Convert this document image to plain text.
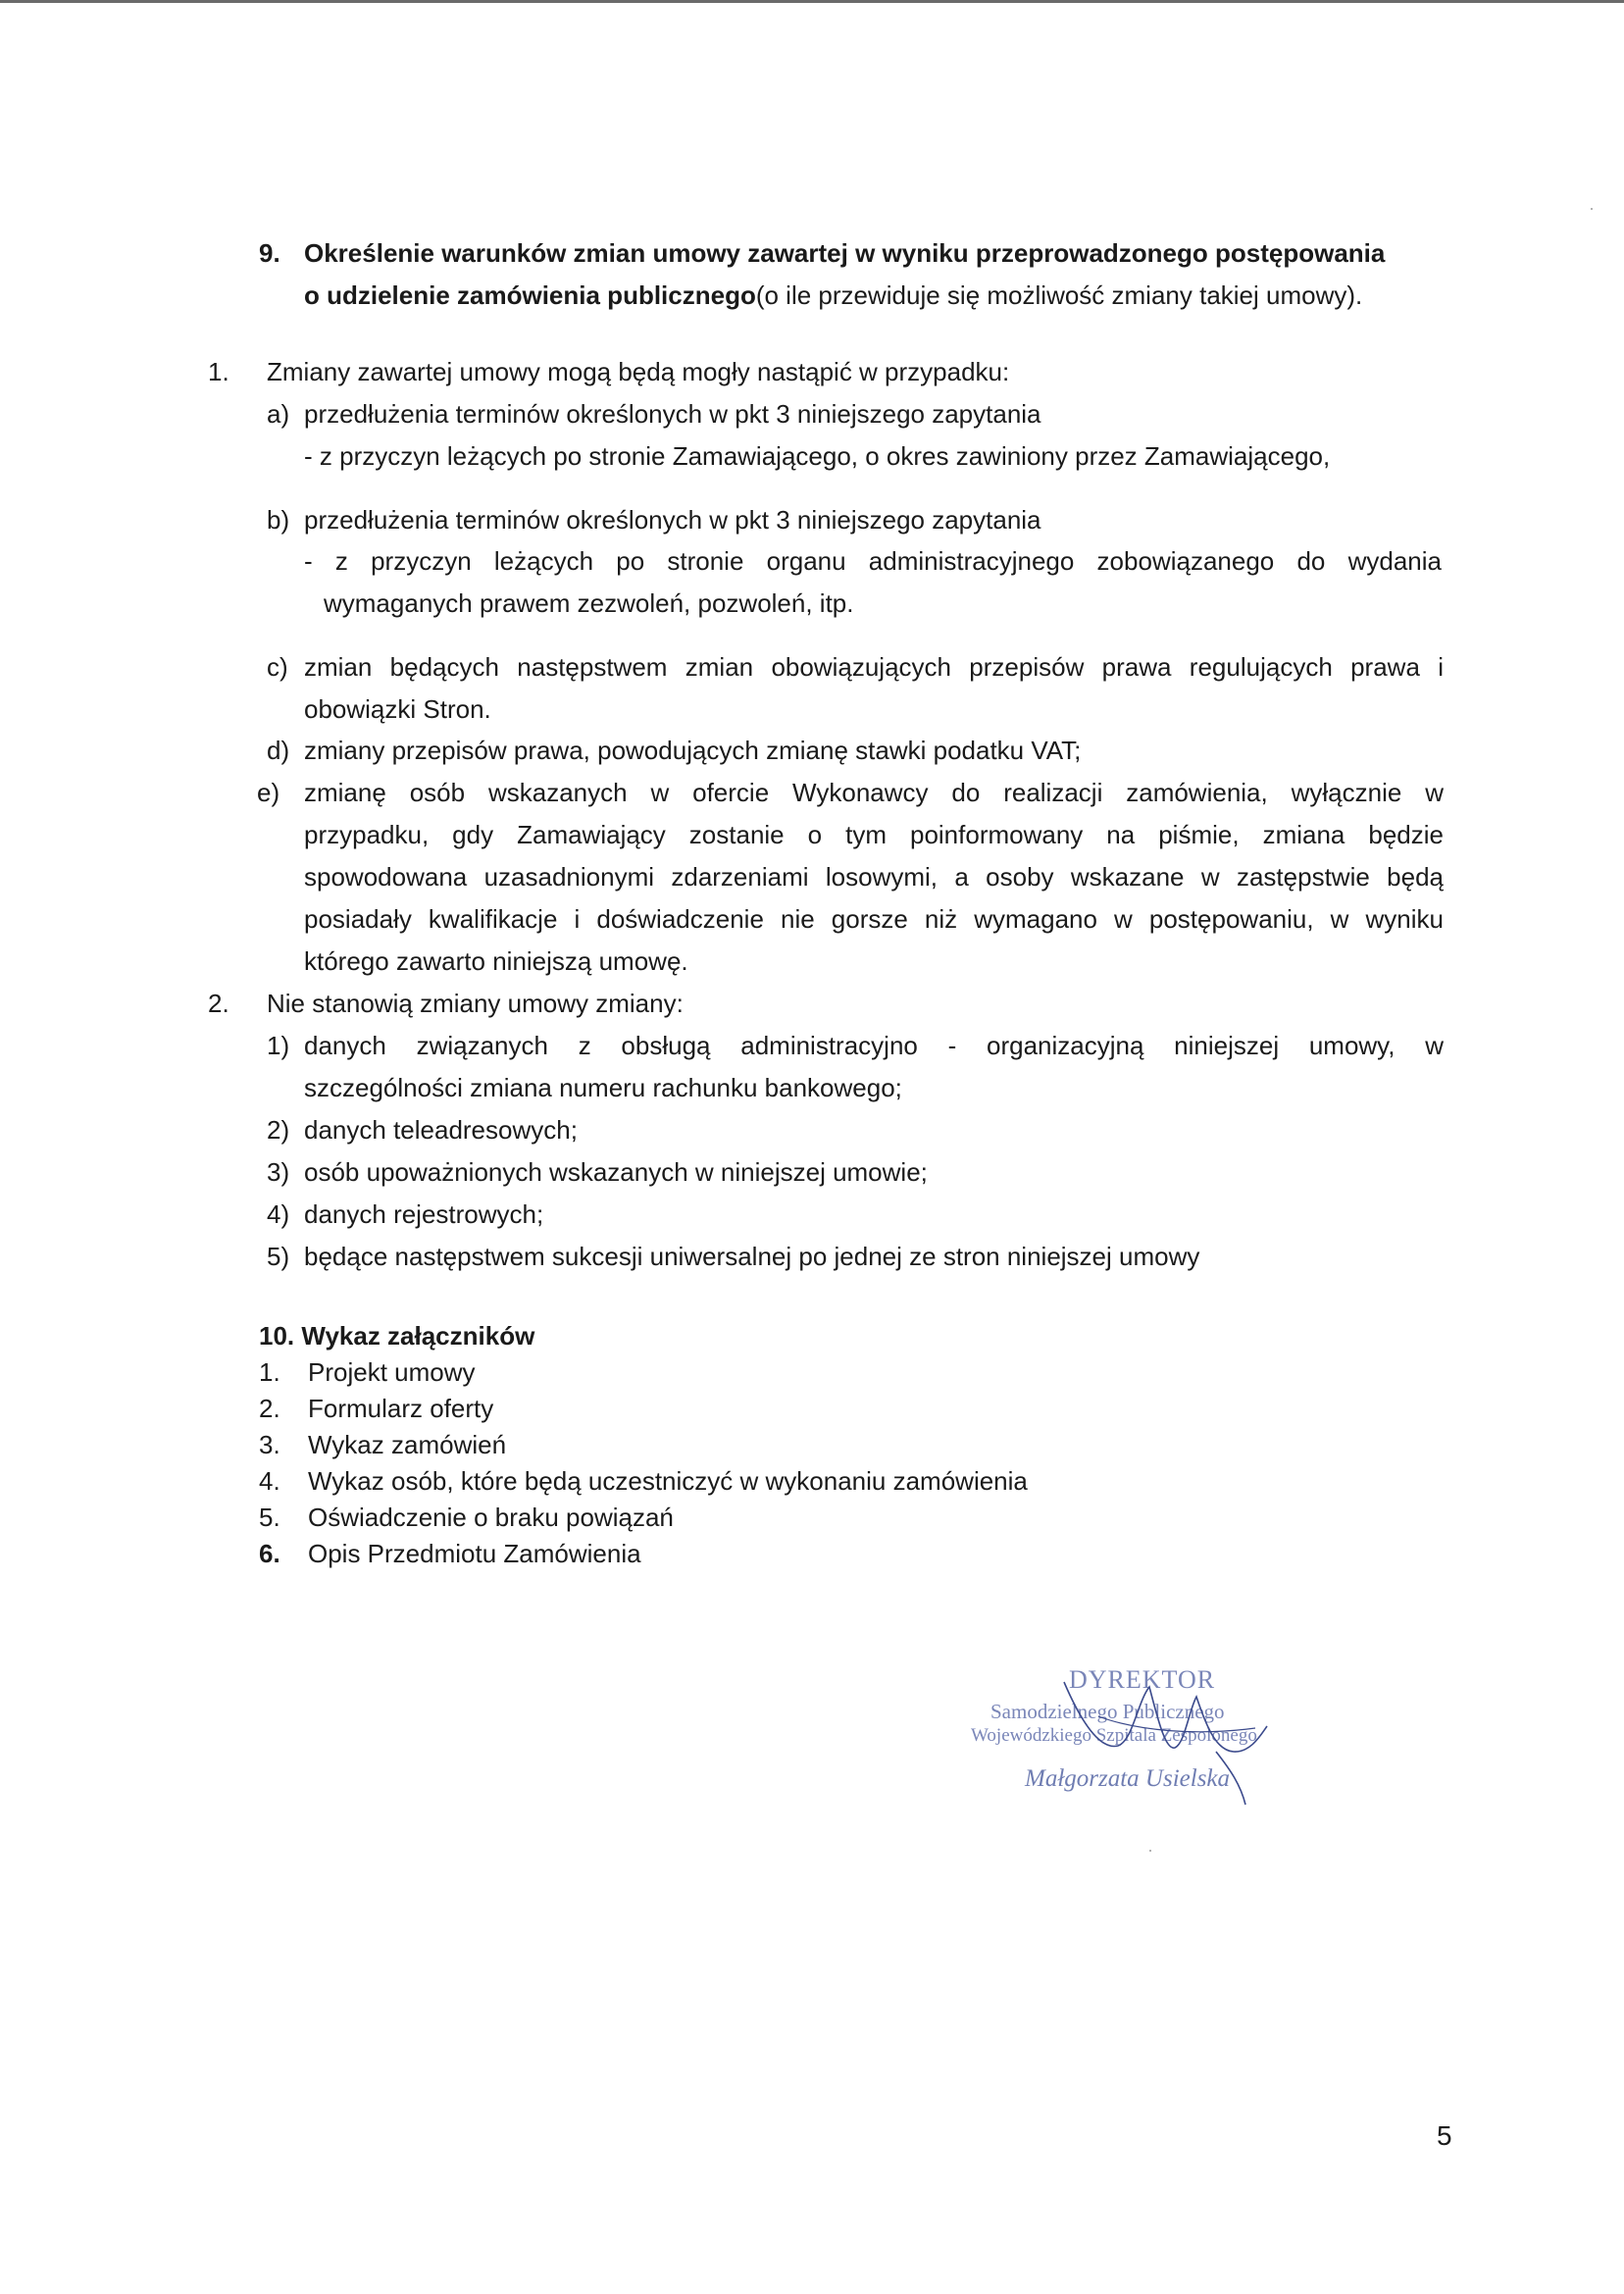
9. Określenie warunków zmian umowy zawartej w wyniku przeprowadzonego postępowania
o udzielenie zamówienia publicznego(o ile przewiduje się możliwość zmiany takiej umowy).
1. Zmiany zawartej umowy mogą będą mogły nastąpić w przypadku:
a) przedłużenia terminów określonych w pkt 3 niniejszego zapytania
- z przyczyn leżących po stronie Zamawiającego, o okres zawiniony przez Zamawiającego,
b) przedłużenia terminów określonych w pkt 3 niniejszego zapytania
- z przyczyn leżących po stronie organu administracyjnego zobowiązanego do wydania
wymaganych prawem zezwoleń, pozwoleń, itp.
c) zmian będących następstwem zmian obowiązujących przepisów prawa regulujących prawa i
obowiązki Stron.
d) zmiany przepisów prawa, powodujących zmianę stawki podatku VAT;
e) zmianę osób wskazanych w ofercie Wykonawcy do realizacji zamówienia, wyłącznie w
przypadku, gdy Zamawiający zostanie o tym poinformowany na piśmie, zmiana będzie
spowodowana uzasadnionymi zdarzeniami losowymi, a osoby wskazane w zastępstwie będą
posiadały kwalifikacje i doświadczenie nie gorsze niż wymagano w postępowaniu, w wyniku
którego zawarto niniejszą umowę.
2. Nie stanowią zmiany umowy zmiany:
1) danych związanych z obsługą administracyjno - organizacyjną niniejszej umowy, w
szczególności zmiana numeru rachunku bankowego;
2) danych teleadresowych;
3) osób upoważnionych wskazanych w niniejszej umowie;
4) danych rejestrowych;
5) będące następstwem sukcesji uniwersalnej po jednej ze stron niniejszej umowy
10. Wykaz załączników
1. Projekt umowy
2. Formularz oferty
3. Wykaz zamówień
4. Wykaz osób, które będą uczestniczyć w wykonaniu zamówienia
5. Oświadczenie o braku powiązań
6. Opis Przedmiotu Zamówienia
DYREKTOR
Samodzielnego Publicznego
Wojewódzkiego Szpitala Zespolonego
Małgorzata Usielska
5
